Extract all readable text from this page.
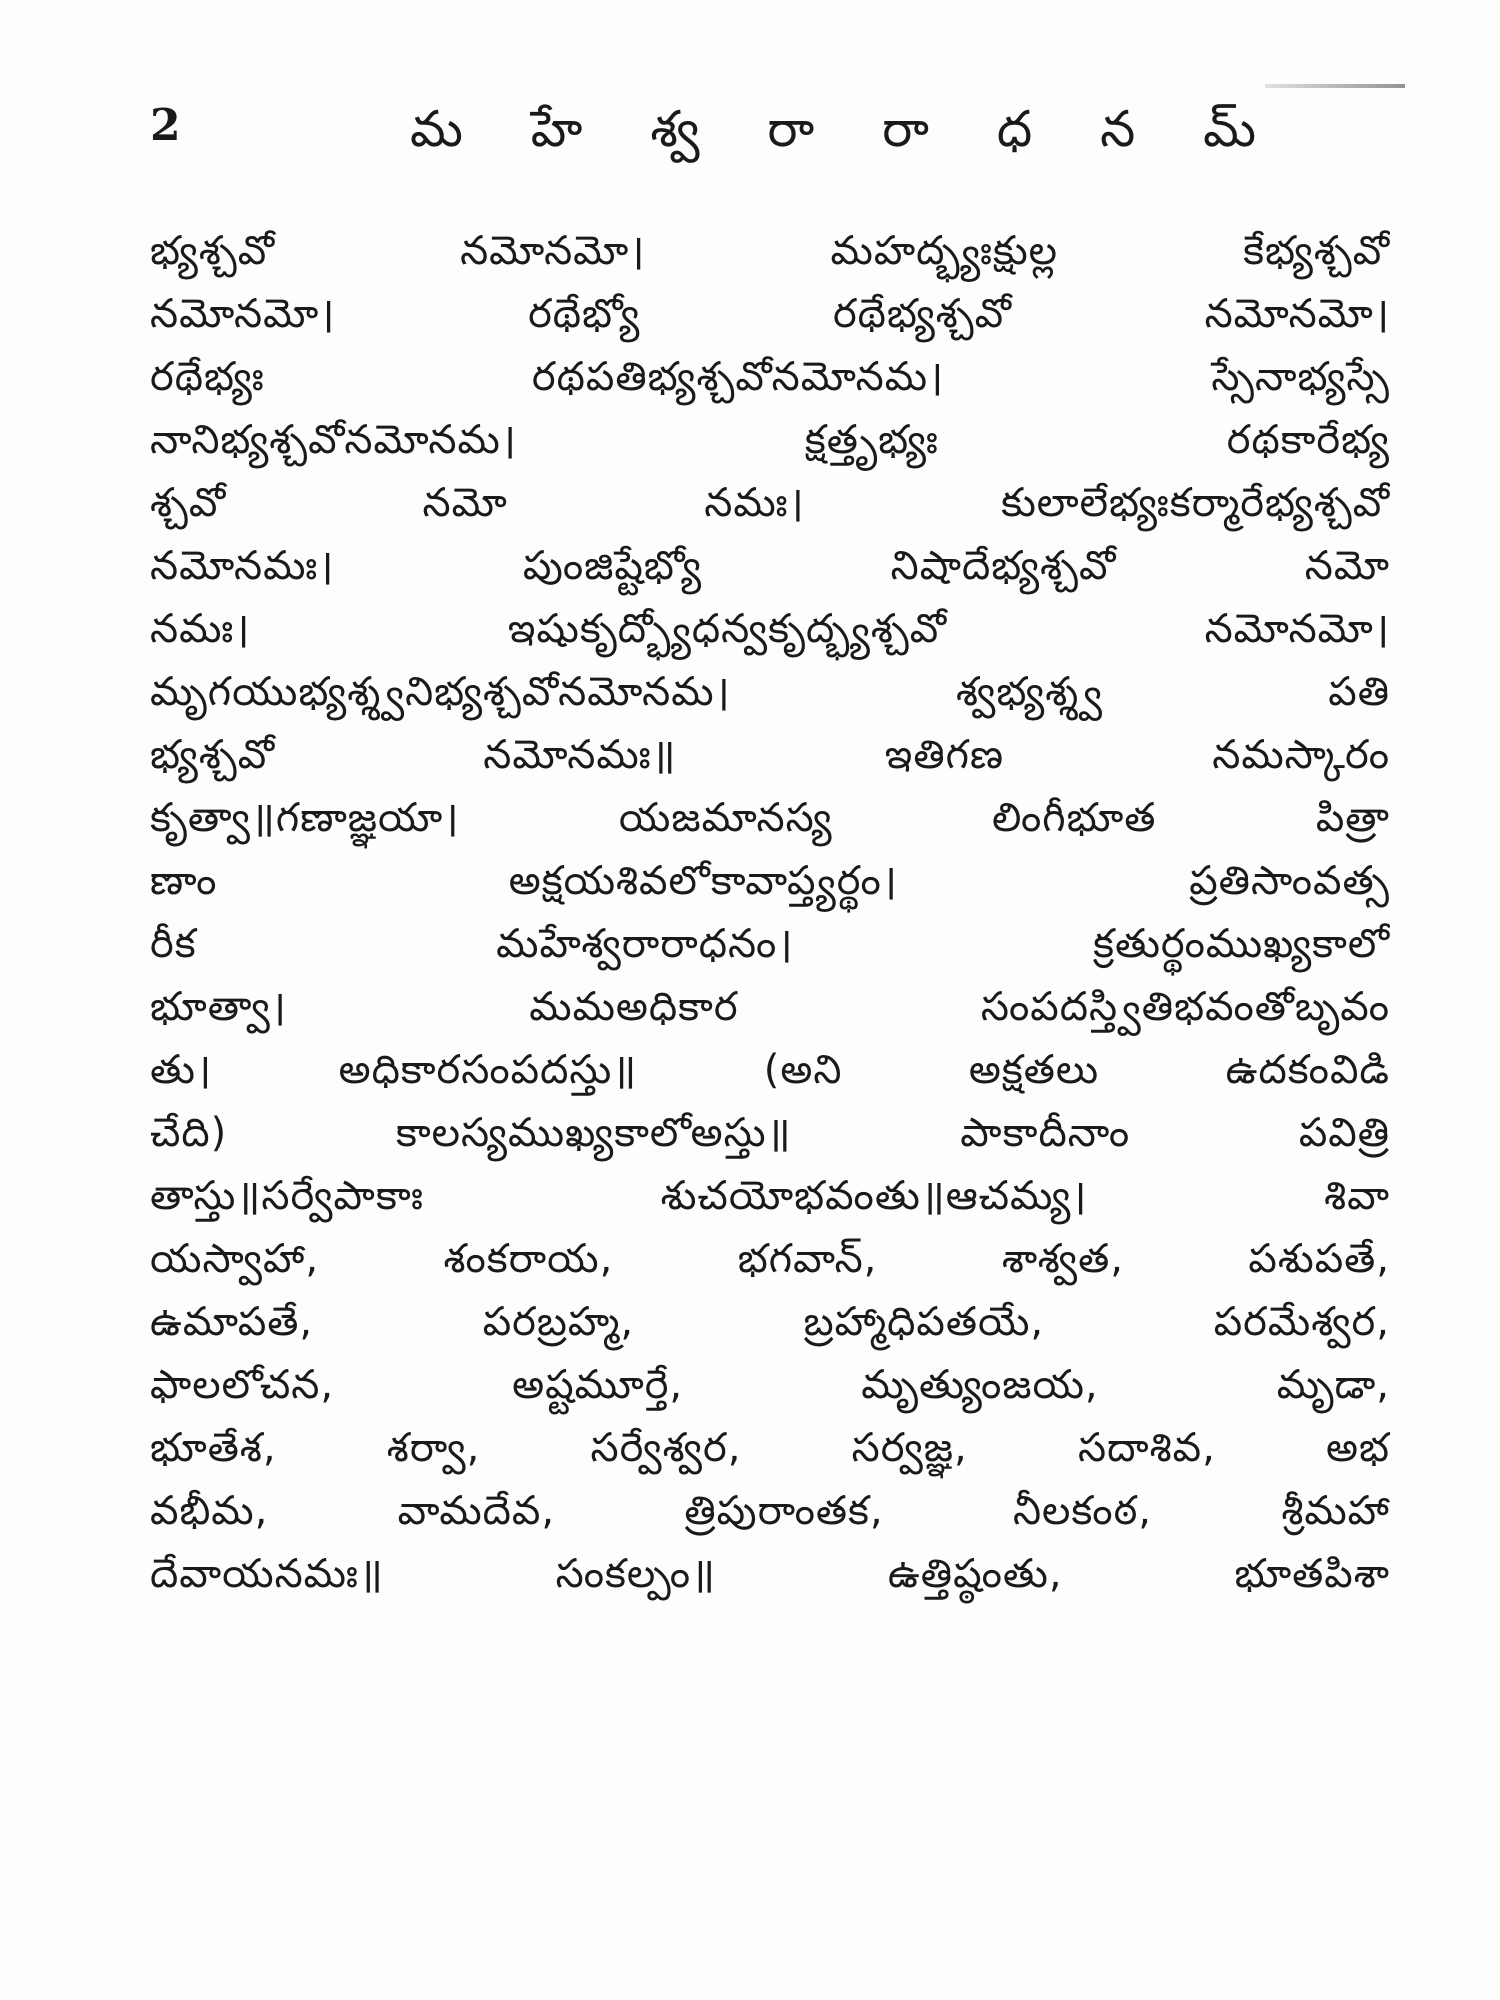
2	మ హే శ్వ రా రా ధ న మ్
భ్యశ్చవో నమోనమో। మహద్భ్యఃక్షుల్ల కేభ్యశ్చవో
నమోనమో। రథేభ్యో రథేభ్యశ్చవో నమోనమో।
రథేభ్యః రథపతిభ్యశ్చవోనమోనమ। స్సేనాభ్యస్సే
నానిభ్యశ్చవోనమోనమ। క్షత్తృభ్యః రథకారేభ్య
శ్చవో నమో నమః। కులాలేభ్యఃకర్మారేభ్యశ్చవో
నమోనమః। పుంజిష్టేభ్యో నిషాదేభ్యశ్చవో నమో
నమః। ఇషుకృద్భ్యోధన్వకృద్భ్యశ్చవో నమోనమో।
మృగయుభ్యశ్శ్వనిభ్యశ్చవోనమోనమ। శ్వభ్యశ్శ్వ పతి
భ్యశ్చవో నమోనమః॥ ఇతిగణ నమస్కారం
కృత్వా॥గణాజ్ఞయా। యజమానస్య లింగీభూత పిత్రా
ణాం అక్షయశివలోకావాప్త్యర్థం। ప్రతిసాంవత్స
రీక మహేశ్వరారాధనం। క్రతుర్థంముఖ్యకాలో
భూత్వా। మమఅధికార సంపదస్త్వితిభవంతోబృవం
తు। అధికారసంపదస్తు॥ (అని అక్షతలు ఉదకంవిడి
చేది) కాలస్యముఖ్యకాలోఅస్తు॥ పాకాదీనాం పవిత్రి
తాస్తు॥సర్వేపాకాః శుచయోభవంతు॥ఆచమ్య। శివా
యస్వాహా, శంకరాయ, భగవాన్, శాశ్వత, పశుపతే,
ఉమాపతే, పరబ్రహ్మ, బ్రహ్మాధిపతయే, పరమేశ్వర,
ఫాలలోచన, అష్టమూర్తే, మృత్యుంజయ, మృడా,
భూతేశ, శర్వా, సర్వేశ్వర, సర్వజ్ఞ, సదాశివ, అభ
వభీమ, వామదేవ, త్రిపురాంతక, నీలకంఠ, శ్రీమహా
దేవాయనమః॥ సంకల్పం॥ ఉత్తిష్ఠంతు, భూతపిశా
